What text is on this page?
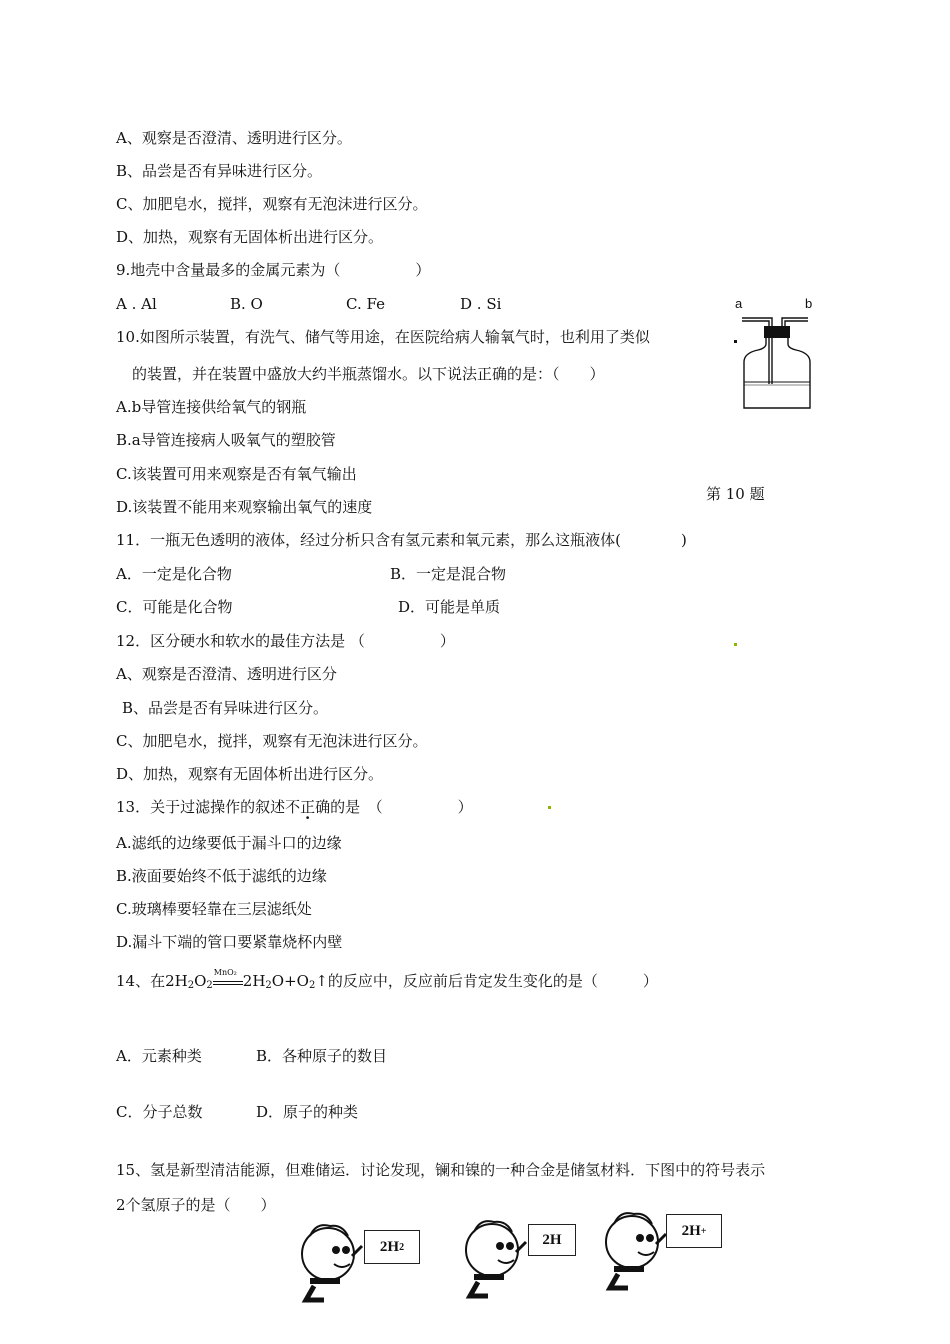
A、观察是否澄清、透明进行区分。
B、品尝是否有异味进行区分。
C、加肥皂水，搅拌，观察有无泡沫进行区分。
D、加热，观察有无固体析出进行区分。
9.地壳中含量最多的金属元素为（　　　　　）
A . Al	B. O	C. Fe	D . Si
10.如图所示装置，有洗气、储气等用途，在医院给病人输氧气时，也利用了类似
的装置，并在装置中盛放大约半瓶蒸馏水。以下说法正确的是：（　　）
A.b导管连接供给氧气的钢瓶
B.a导管连接病人吸氧气的塑胶管
C.该装置可用来观察是否有氧气输出
D.该装置不能用来观察输出氧气的速度
a	b
第 10 题
11．一瓶无色透明的液体，经过分析只含有氢元素和氧元素，那么这瓶液体(　　　　)
A．一定是化合物	B．一定是混合物
C．可能是化合物	D．可能是单质
12．区分硬水和软水的最佳方法是 （　　　　　）
A、观察是否澄清、透明进行区分
B、品尝是否有异味进行区分。
C、加肥皂水，搅拌，观察有无泡沫进行区分。
D、加热，观察有无固体析出进行区分。
13．关于过滤操作的叙述不正确的是　（　　　　　）
A.滤纸的边缘要低于漏斗口的边缘
B.液面要始终不低于滤纸的边缘
C.玻璃棒要轻靠在三层滤纸处
D.漏斗下端的管口要紧靠烧杯内壁
14、在$2H_2O_2$
MnO₂ $2H_2O+O_2↑$的反应中，反应前后肯定发生变化的是（　　　）
A．元素种类	B．各种原子的数目
C．分子总数	D．原子的种类
15、氢是新型清洁能源，但难储运．讨论发现，镧和镍的一种合金是储氢材料．下图中的符号表示
2个氢原子的是（　　）
2H 2	2H
2H +
